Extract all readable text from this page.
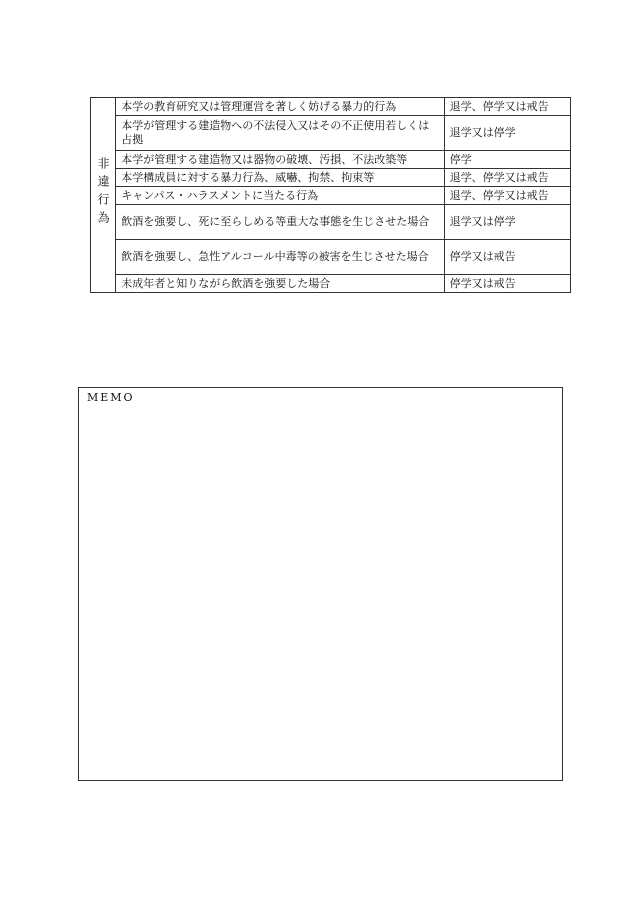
非違行為	本学の教育研究又は管理運営を著しく妨げる暴力的行為	退学、停学又は戒告
	本学が管理する建造物への不法侵入又はその不正使用若しくは占拠	退学又は停学
	本学が管理する建造物又は器物の破壊、汚損、不法改築等	停学
	本学構成員に対する暴力行為、威嚇、拘禁、拘束等	退学、停学又は戒告
	キャンパス・ハラスメントに当たる行為	退学、停学又は戒告
	飲酒を強要し、死に至らしめる等重大な事態を生じさせた場合	退学又は停学
	飲酒を強要し、急性アルコール中毒等の被害を生じさせた場合	停学又は戒告
	未成年者と知りながら飲酒を強要した場合	停学又は戒告
MEMO
